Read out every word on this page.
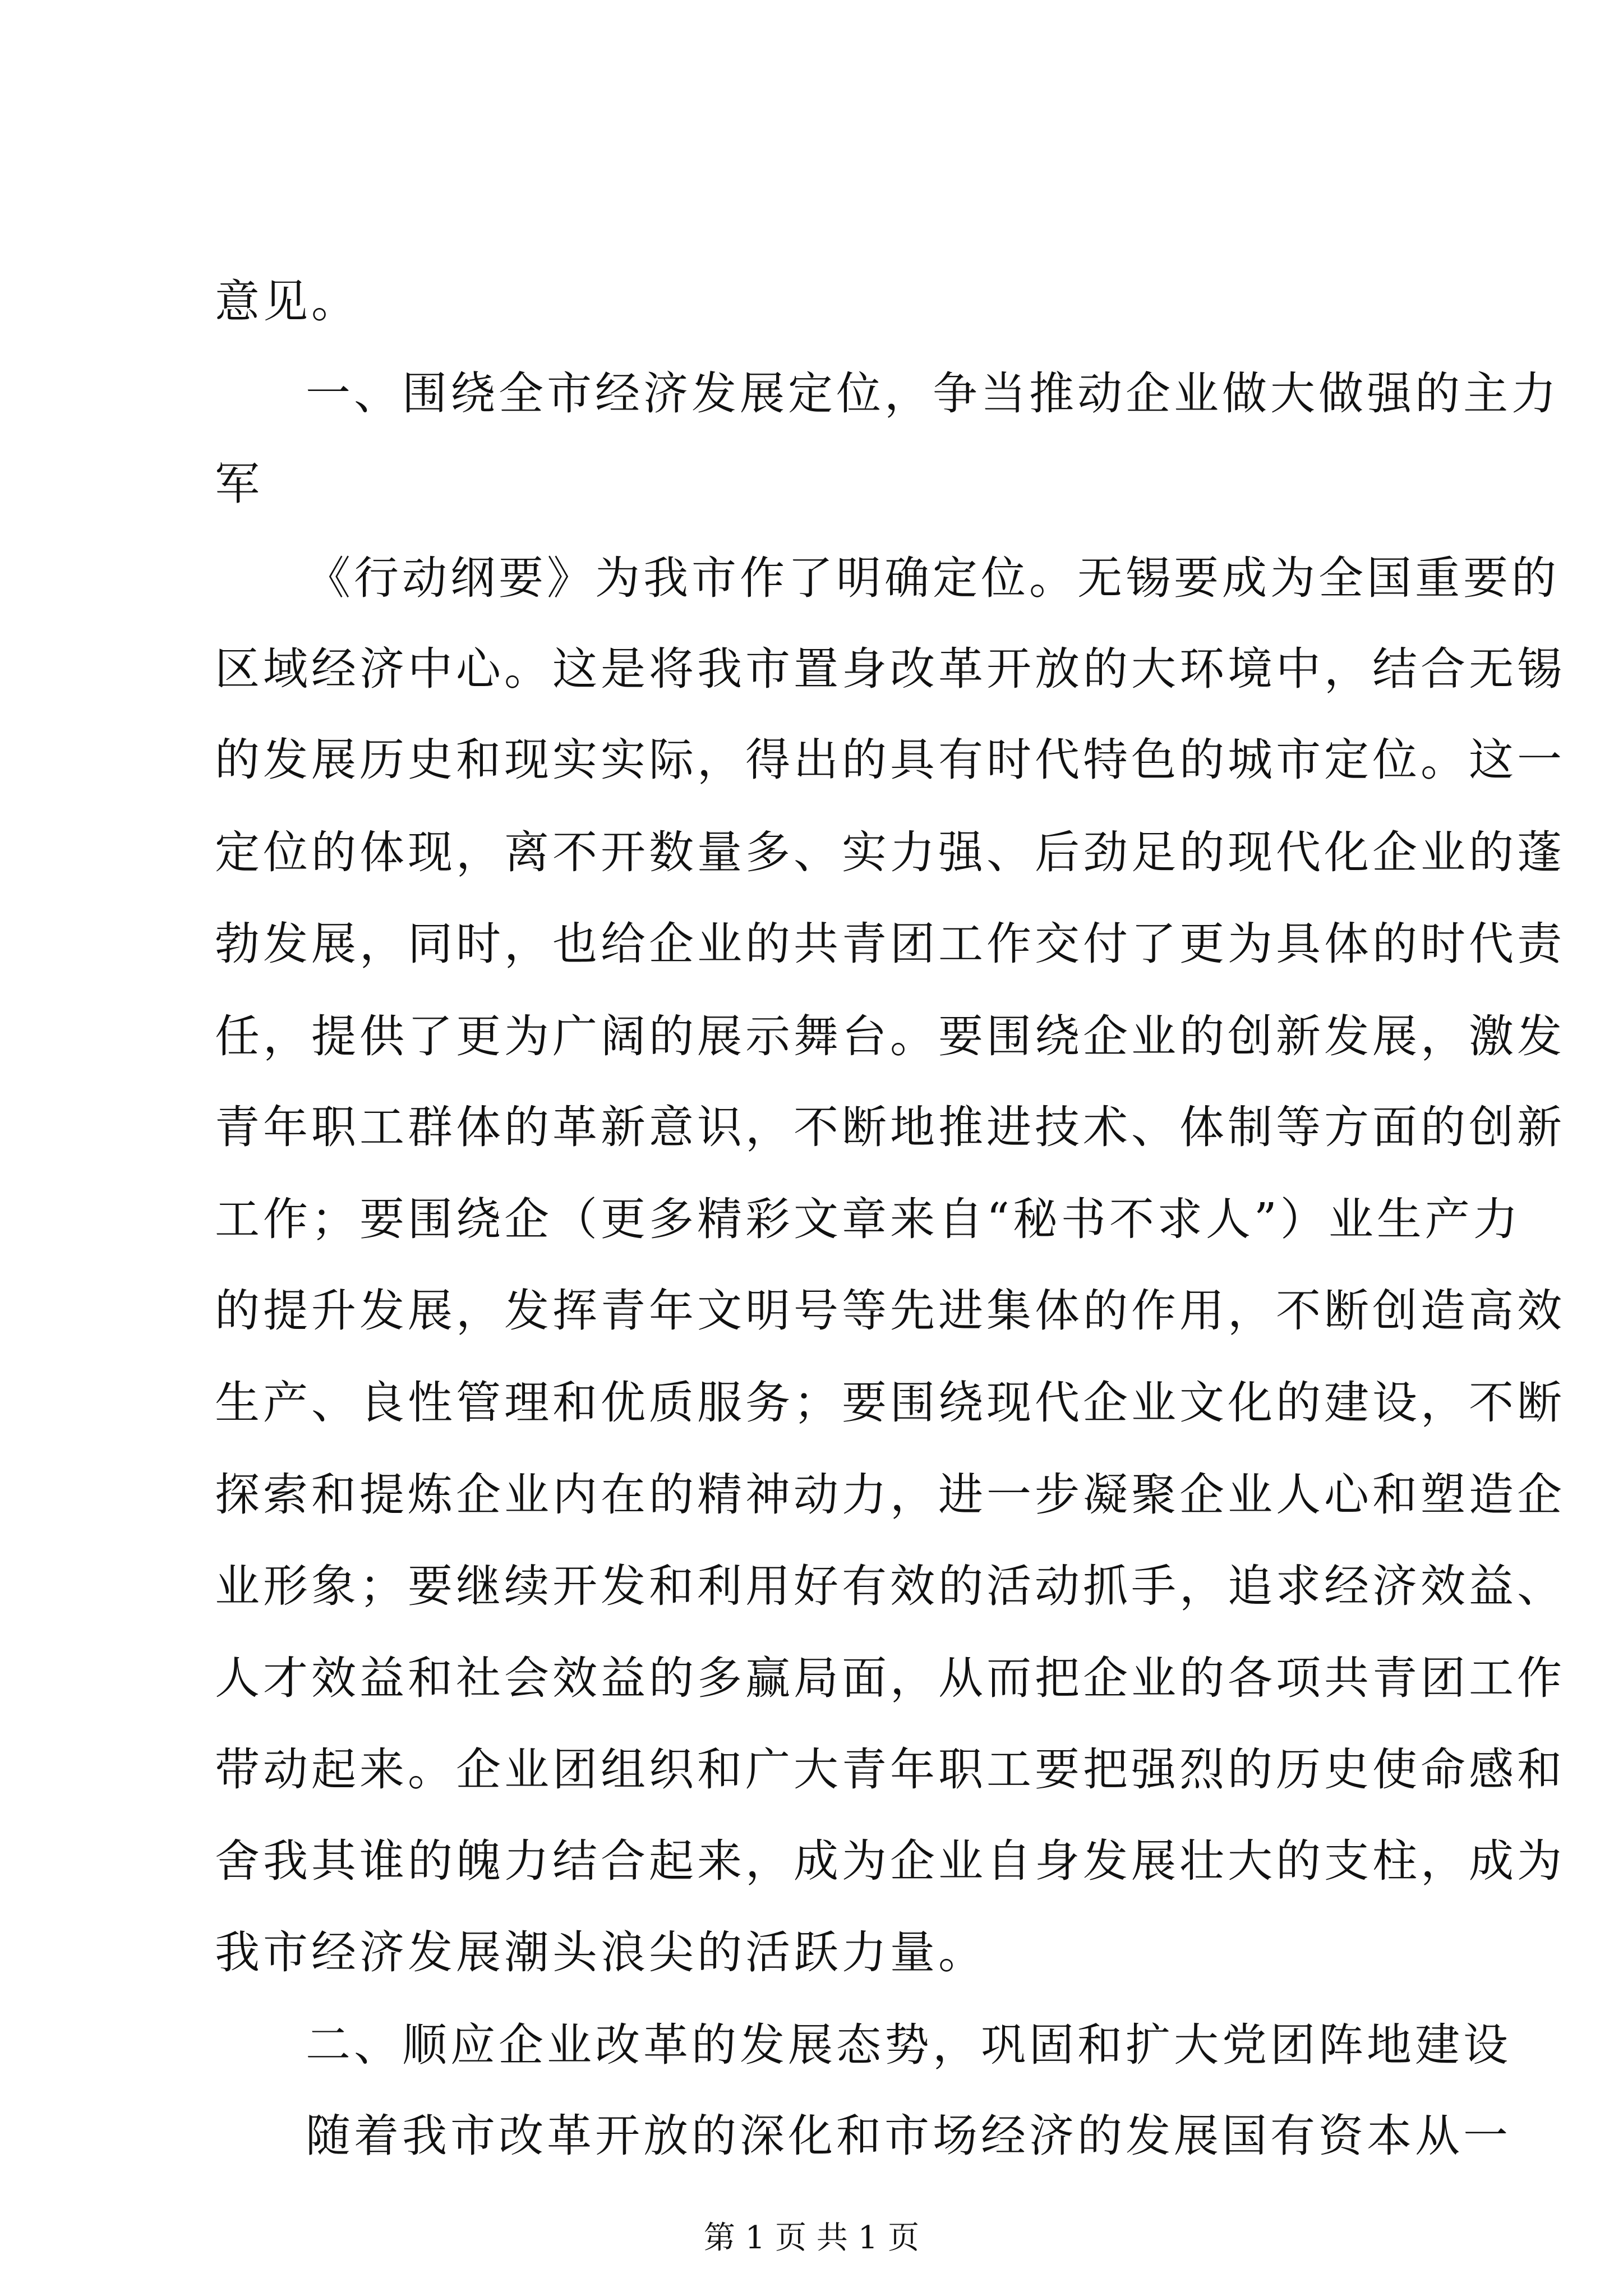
意见。
一、围绕全市经济发展定位，争当推动企业做大做强的主力
军
《行动纲要》为我市作了明确定位。无锡要成为全国重要的
区域经济中心。这是将我市置身改革开放的大环境中，结合无锡
的发展历史和现实实际，得出的具有时代特色的城市定位。这一
定位的体现，离不开数量多、实力强、后劲足的现代化企业的蓬
勃发展，同时，也给企业的共青团工作交付了更为具体的时代责
任，提供了更为广阔的展示舞台。要围绕企业的创新发展，激发
青年职工群体的革新意识，不断地推进技术、体制等方面的创新
工作；要围绕企（更多精彩文章来自“秘书不求人”）业生产力
的提升发展，发挥青年文明号等先进集体的作用，不断创造高效
生产、良性管理和优质服务；要围绕现代企业文化的建设，不断
探索和提炼企业内在的精神动力，进一步凝聚企业人心和塑造企
业形象；要继续开发和利用好有效的活动抓手，追求经济效益、
人才效益和社会效益的多赢局面，从而把企业的各项共青团工作
带动起来。企业团组织和广大青年职工要把强烈的历史使命感和
舍我其谁的魄力结合起来，成为企业自身发展壮大的支柱，成为
我市经济发展潮头浪尖的活跃力量。
二、顺应企业改革的发展态势，巩固和扩大党团阵地建设
随着我市改革开放的深化和市场经济的发展国有资本从一
第 1 页 共 1 页
